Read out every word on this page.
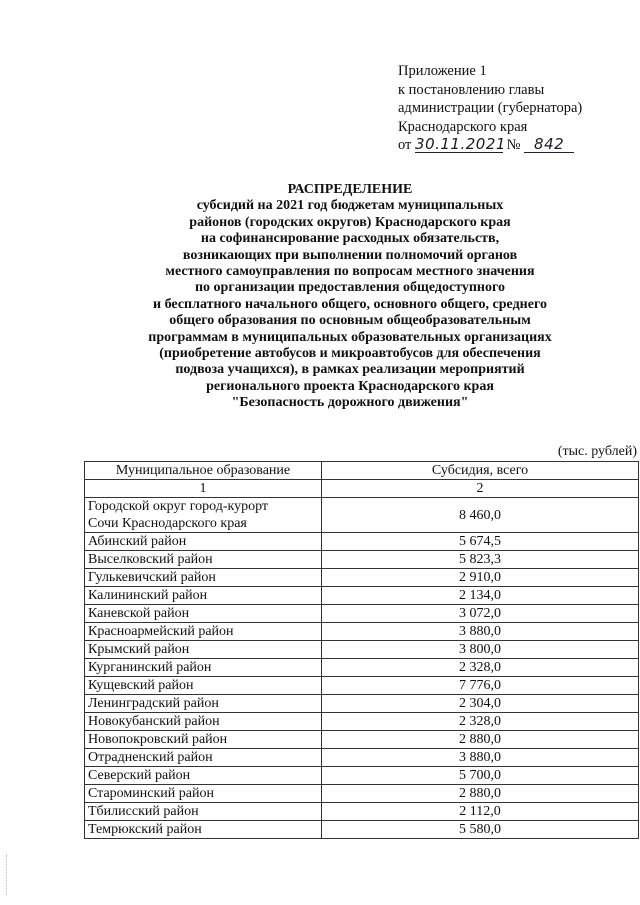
Приложение 1
к постановлению главы
администрации (губернатора)
Краснодарского края
от 30.11.2021 № 842
РАСПРЕДЕЛЕНИЕ
субсидий на 2021 год бюджетам муниципальных
районов (городских округов) Краснодарского края
на софинансирование расходных обязательств,
возникающих при выполнении полномочий органов
местного самоуправления по вопросам местного значения
по организации предоставления общедоступного
и бесплатного начального общего, основного общего, среднего
общего образования по основным общеобразовательным
программам в муниципальных образовательных организациях
(приобретение автобусов и микроавтобусов для обеспечения
подвоза учащихся), в рамках реализации мероприятий
регионального проекта Краснодарского края
"Безопасность дорожного движения"
(тыс. рублей)
Муниципальное образование	Субсидия, всего
1	2

Городской округ город-курорт
Сочи Краснодарского края	8 460,0
Абинский район	5 674,5
Выселковский район	5 823,3
Гулькевичский район	2 910,0
Калининский район	2 134,0
Каневской район	3 072,0
Красноармейский район	3 880,0
Крымский район	3 800,0
Курганинский район	2 328,0
Кущевский район	7 776,0
Ленинградский район	2 304,0
Новокубанский район	2 328,0
Новопокровский район	2 880,0
Отрадненский район	3 880,0
Северский район	5 700,0
Староминский район	2 880,0
Тбилисский район	2 112,0
Темрюкский район	5 580,0
